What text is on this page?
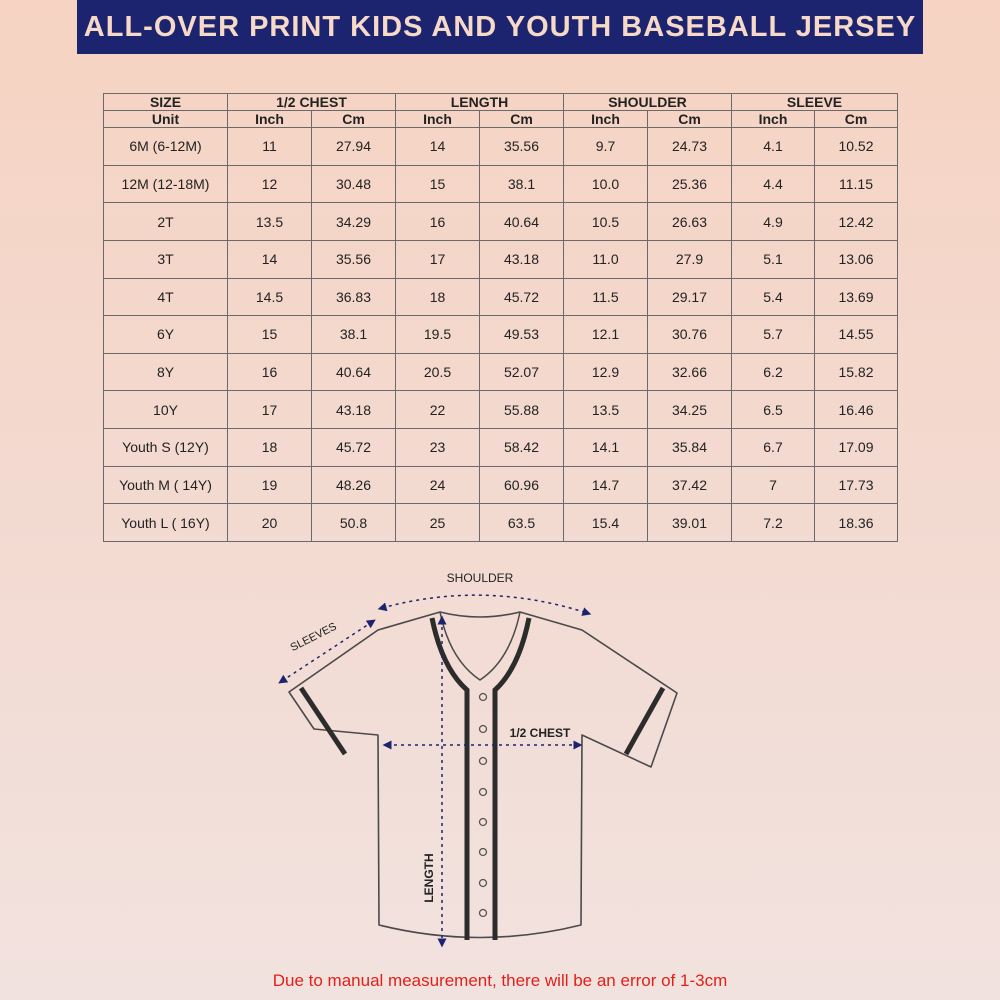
ALL-OVER PRINT KIDS AND YOUTH BASEBALL JERSEY
SIZE	1/2 CHEST		LENGTH		SHOULDER		SLEEVE	
Unit	Inch	Cm	Inch	Cm	Inch	Cm	Inch	Cm
6M (6-12M)	11	27.94	14	35.56	9.7	24.73	4.1	10.52
12M (12-18M)	12	30.48	15	38.1	10.0	25.36	4.4	11.15
2T	13.5	34.29	16	40.64	10.5	26.63	4.9	12.42
3T	14	35.56	17	43.18	11.0	27.9	5.1	13.06
4T	14.5	36.83	18	45.72	11.5	29.17	5.4	13.69
6Y	15	38.1	19.5	49.53	12.1	30.76	5.7	14.55
8Y	16	40.64	20.5	52.07	12.9	32.66	6.2	15.82
10Y	17	43.18	22	55.88	13.5	34.25	6.5	16.46
Youth S (12Y)	18	45.72	23	58.42	14.1	35.84	6.7	17.09
Youth M ( 14Y)	19	48.26	24	60.96	14.7	37.42	7	17.73
Youth L ( 16Y)	20	50.8	25	63.5	15.4	39.01	7.2	18.36
SHOULDER
SLEEVES
1/2 CHEST
LENGTH
Due to manual measurement, there will be an error of 1-3cm
